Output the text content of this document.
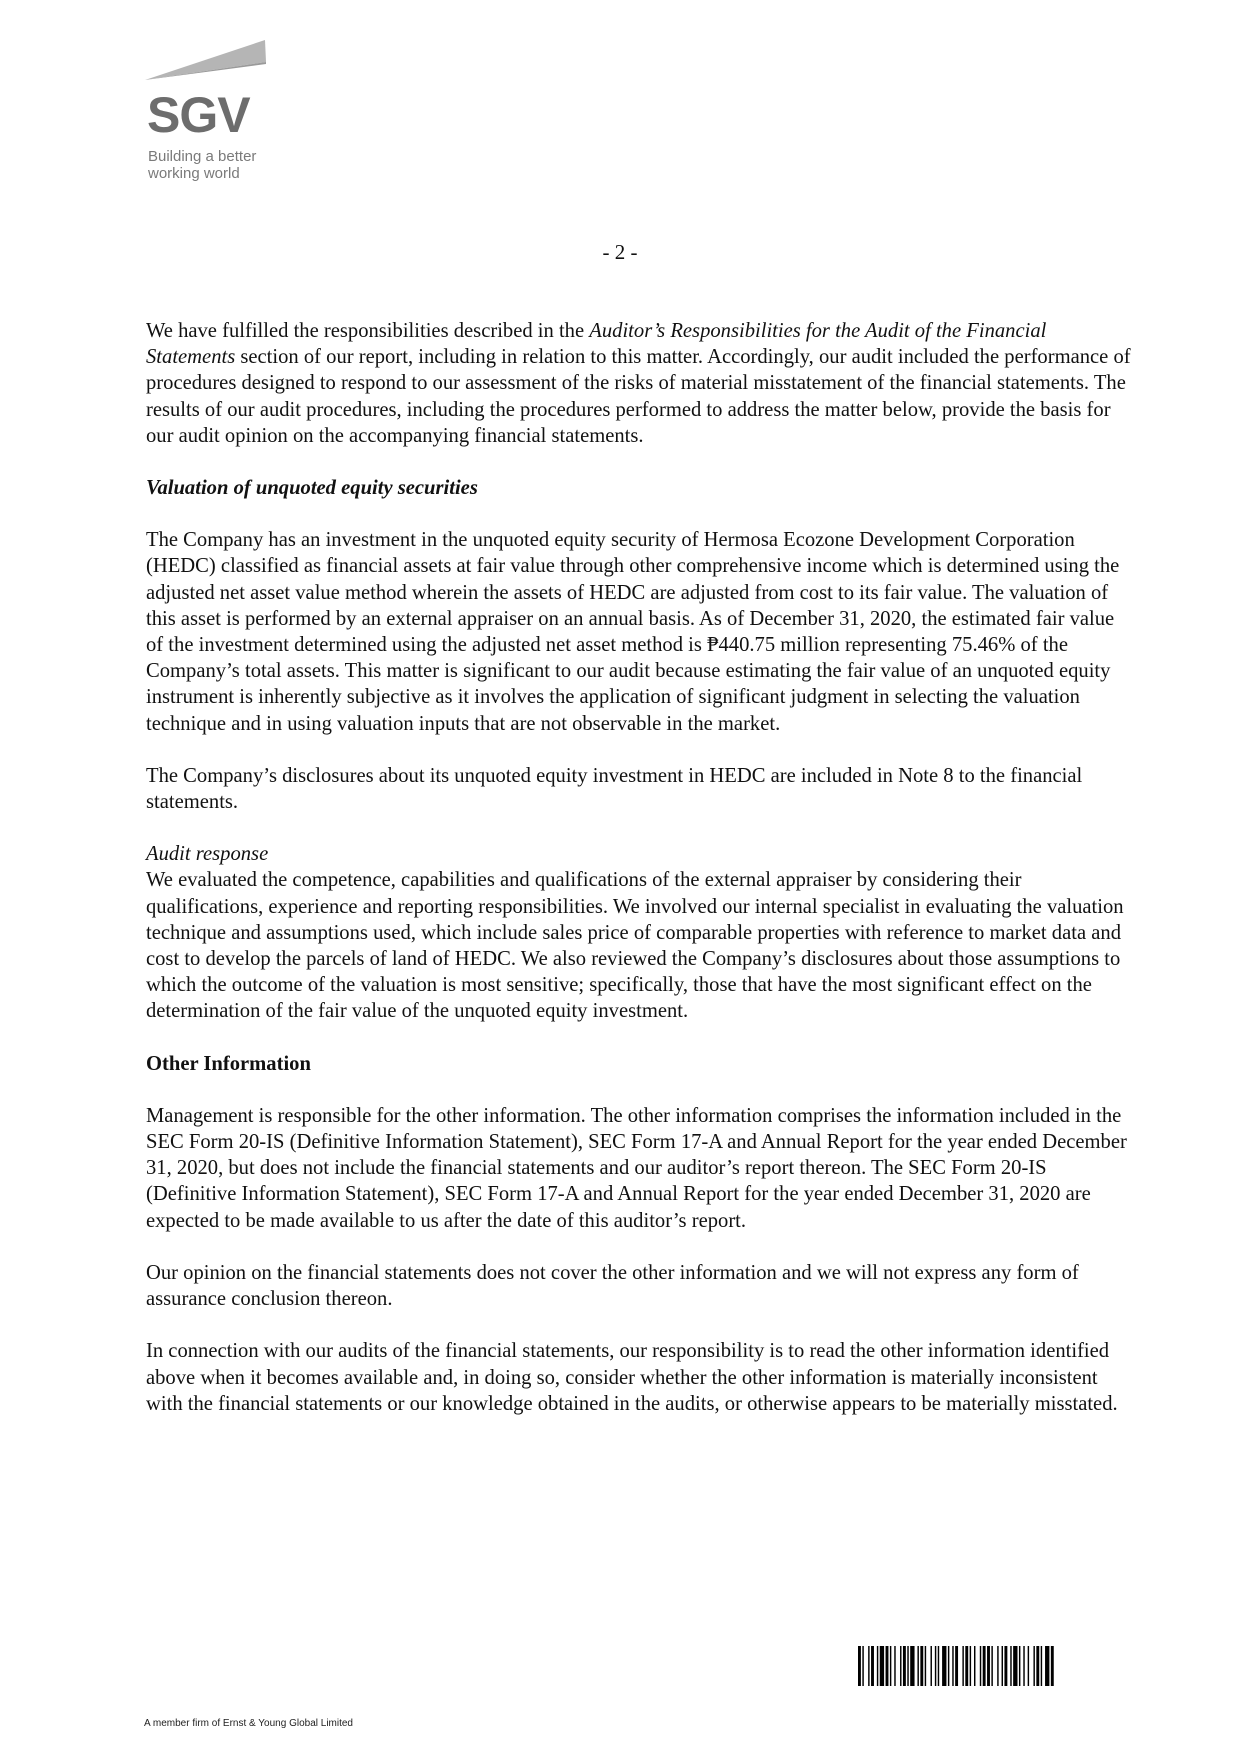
SGV
Building a better working world
- 2 -

We have fulfilled the responsibilities described in the Auditor’s Responsibilities for the Audit of the Financial Statements section of our report, including in relation to this matter. Accordingly, our audit included the performance of procedures designed to respond to our assessment of the risks of material misstatement of the financial statements. The results of our audit procedures, including the procedures performed to address the matter below, provide the basis for our audit opinion on the accompanying financial statements.

Valuation of unquoted equity securities

The Company has an investment in the unquoted equity security of Hermosa Ecozone Development Corporation (HEDC) classified as financial assets at fair value through other comprehensive income which is determined using the adjusted net asset value method wherein the assets of HEDC are adjusted from cost to its fair value. The valuation of this asset is performed by an external appraiser on an annual basis. As of December 31, 2020, the estimated fair value of the investment determined using the adjusted net asset method is ₱440.75 million representing 75.46% of the Company’s total assets. This matter is significant to our audit because estimating the fair value of an unquoted equity instrument is inherently subjective as it involves the application of significant judgment in selecting the valuation technique and in using valuation inputs that are not observable in the market.

The Company’s disclosures about its unquoted equity investment in HEDC are included in Note 8 to the financial statements.

Audit response
We evaluated the competence, capabilities and qualifications of the external appraiser by considering their qualifications, experience and reporting responsibilities. We involved our internal specialist in evaluating the valuation technique and assumptions used, which include sales price of comparable properties with reference to market data and cost to develop the parcels of land of HEDC. We also reviewed the Company’s disclosures about those assumptions to which the outcome of the valuation is most sensitive; specifically, those that have the most significant effect on the determination of the fair value of the unquoted equity investment.

Other Information

Management is responsible for the other information. The other information comprises the information included in the SEC Form 20-IS (Definitive Information Statement), SEC Form 17-A and Annual Report for the year ended December 31, 2020, but does not include the financial statements and our auditor’s report thereon. The SEC Form 20-IS (Definitive Information Statement), SEC Form 17-A and Annual Report for the year ended December 31, 2020 are expected to be made available to us after the date of this auditor’s report.

Our opinion on the financial statements does not cover the other information and we will not express any form of assurance conclusion thereon.

In connection with our audits of the financial statements, our responsibility is to read the other information identified above when it becomes available and, in doing so, consider whether the other information is materially inconsistent with the financial statements or our knowledge obtained in the audits, or otherwise appears to be materially misstated.

A member firm of Ernst & Young Global Limited
